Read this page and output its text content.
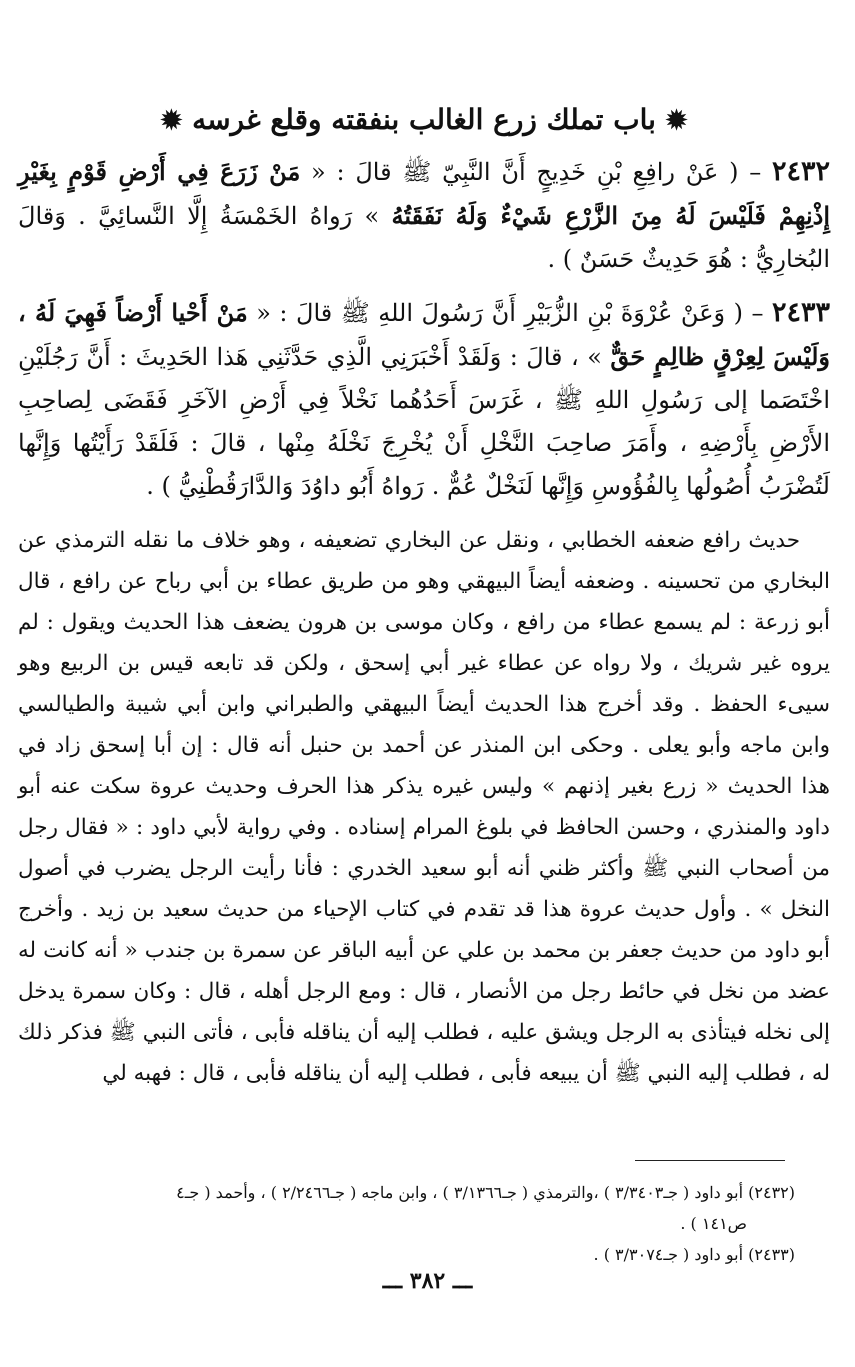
✹ باب تملك زرع الغالب بنفقته وقلع غرسه ✹

٢٤٣٢ – ( عَنْ رافِعِ بْنِ خَدِيجٍ أَنَّ النَّبِيّ ﷺ قالَ : « مَنْ زَرَعَ فِي أَرْضِ قَوْمٍ بِغَيْرِ إِذْنِهِمْ فَلَيْسَ لَهُ مِنَ الزَّرْعِ شَيْءٌ وَلَهُ نَفَقَتُهُ » رَواهُ الخَمْسَةُ إِلَّا النَّسائِيَّ . وَقالَ البُخارِيُّ : هُوَ حَدِيثٌ حَسَنٌ ) .

٢٤٣٣ – ( وَعَنْ عُرْوَةَ بْنِ الزُّبَيْرِ أَنَّ رَسُولَ اللهِ ﷺ قالَ : « مَنْ أَحْيا أَرْضاً فَهِيَ لَهُ ، وَلَيْسَ لِعِرْقٍ ظالِمٍ حَقٌّ » ، قالَ : وَلَقَدْ أَخْبَرَنِي الَّذِي حَدَّثَنِي هَذا الحَدِيثَ : أَنَّ رَجُلَيْنِ اخْتَصَما إلى رَسُولِ اللهِ ﷺ ، غَرَسَ أَحَدُهُما نَخْلاً فِي أَرْضِ الآخَرِ فَقَضَى لِصاحِبِ الأَرْضِ بِأَرْضِهِ ، وأَمَرَ صاحِبَ النَّخْلِ أَنْ يُخْرِجَ نَخْلَهُ مِنْها ، قالَ : فَلَقَدْ رَأَيْتُها وَإِنَّها لَتُضْرَبُ أُصُولُها بِالفُؤُوسِ وَإِنَّها لَنَخْلٌ عُمٌّ . رَواهُ أَبُو داوُدَ وَالدَّارَقُطْنِيُّ ) .

حديث رافع ضعفه الخطابي ، ونقل عن البخاري تضعيفه ، وهو خلاف ما نقله الترمذي عن البخاري من تحسينه . وضعفه أيضاً البيهقي وهو من طريق عطاء بن أبي رباح عن رافع ، قال أبو زرعة : لم يسمع عطاء من رافع ، وكان موسى بن هرون يضعف هذا الحديث ويقول : لم يروه غير شريك ، ولا رواه عن عطاء غير أبي إسحق ، ولكن قد تابعه قيس بن الربيع وهو سيىء الحفظ . وقد أخرج هذا الحديث أيضاً البيهقي والطبراني وابن أبي شيبة والطيالسي وابن ماجه وأبو يعلى . وحكى ابن المنذر عن أحمد بن حنبل أنه قال : إن أبا إسحق زاد في هذا الحديث « زرع بغير إذنهم » وليس غيره يذكر هذا الحرف وحديث عروة سكت عنه أبو داود والمنذري ، وحسن الحافظ في بلوغ المرام إسناده . وفي رواية لأبي داود : « فقال رجل من أصحاب النبي ﷺ وأكثر ظني أنه أبو سعيد الخدري : فأنا رأيت الرجل يضرب في أصول النخل » . وأول حديث عروة هذا قد تقدم في كتاب الإحياء من حديث سعيد بن زيد . وأخرج أبو داود من حديث جعفر بن محمد بن علي عن أبيه الباقر عن سمرة بن جندب « أنه كانت له عضد من نخل في حائط رجل من الأنصار ، قال : ومع الرجل أهله ، قال : وكان سمرة يدخل إلى نخله فيتأذى به الرجل ويشق عليه ، فطلب إليه أن يناقله فأبى ، فأتى النبي ﷺ فذكر ذلك له ، فطلب إليه النبي ﷺ أن يبيعه فأبى ، فطلب إليه أن يناقله فأبى ، قال : فهبه لي

(٢٤٣٢) أبو داود ( جـ٣/٣٤٠٣ ) ،والترمذي ( جـ٣/١٣٦٦ ) ، وابن ماجه ( جـ٢/٢٤٦٦ ) ، وأحمد ( جـ٤

ص١٤١ ) .

(٢٤٣٣) أبو داود ( جـ٣/٣٠٧٤ ) .

ـــ ٣٨٢ ـــ
